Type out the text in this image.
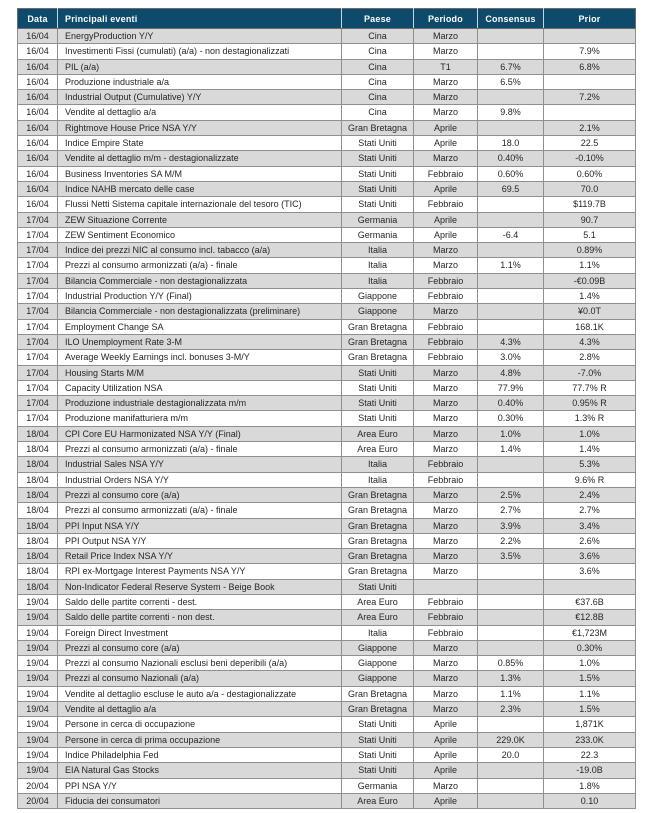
Data	Principali eventi	Paese	Periodo	Consensus	Prior
16/04	EnergyProduction Y/Y	Cina	Marzo		
16/04	Investimenti Fissi (cumulati) (a/a) - non destagionalizzati	Cina	Marzo		7.9%
16/04	PIL (a/a)	Cina	T1	6.7%	6.8%
16/04	Produzione industriale a/a	Cina	Marzo	6.5%	
16/04	Industrial Output (Cumulative) Y/Y	Cina	Marzo		7.2%
16/04	Vendite al dettaglio a/a	Cina	Marzo	9.8%	
16/04	Rightmove House Price NSA Y/Y	Gran Bretagna	Aprile		2.1%
16/04	Indice Empire State	Stati Uniti	Aprile	18.0	22.5
16/04	Vendite al dettaglio m/m - destagionalizzate	Stati Uniti	Marzo	0.40%	-0.10%
16/04	Business Inventories SA M/M	Stati Uniti	Febbraio	0.60%	0.60%
16/04	Indice NAHB mercato delle case	Stati Uniti	Aprile	69.5	70.0
16/04	Flussi Netti Sistema capitale internazionale del tesoro (TIC)	Stati Uniti	Febbraio		$119.7B
17/04	ZEW Situazione Corrente	Germania	Aprile		90.7
17/04	ZEW Sentiment Economico	Germania	Aprile	-6.4	5.1
17/04	Indice dei prezzi NIC al consumo incl. tabacco (a/a)	Italia	Marzo		0.89%
17/04	Prezzi al consumo armonizzati (a/a) - finale	Italia	Marzo	1.1%	1.1%
17/04	Bilancia Commerciale - non destagionalizzata	Italia	Febbraio		-€0.09B
17/04	Industrial Production Y/Y (Final)	Giappone	Febbraio		1.4%
17/04	Bilancia Commerciale - non destagionalizzata (preliminare)	Giappone	Marzo		¥0.0T
17/04	Employment Change SA	Gran Bretagna	Febbraio		168.1K
17/04	ILO Unemployment Rate 3-M	Gran Bretagna	Febbraio	4.3%	4.3%
17/04	Average Weekly Earnings incl. bonuses 3-M/Y	Gran Bretagna	Febbraio	3.0%	2.8%
17/04	Housing Starts M/M	Stati Uniti	Marzo	4.8%	-7.0%
17/04	Capacity Utilization NSA	Stati Uniti	Marzo	77.9%	77.7% R
17/04	Produzione industriale destagionalizzata m/m	Stati Uniti	Marzo	0.40%	0.95% R
17/04	Produzione manifatturiera m/m	Stati Uniti	Marzo	0.30%	1.3% R
18/04	CPI Core EU Harmonizated NSA Y/Y (Final)	Area Euro	Marzo	1.0%	1.0%
18/04	Prezzi al consumo armonizzati (a/a) - finale	Area Euro	Marzo	1.4%	1.4%
18/04	Industrial Sales NSA Y/Y	Italia	Febbraio		5.3%
18/04	Industrial Orders NSA Y/Y	Italia	Febbraio		9.6% R
18/04	Prezzi al consumo core (a/a)	Gran Bretagna	Marzo	2.5%	2.4%
18/04	Prezzi al consumo armonizzati (a/a) - finale	Gran Bretagna	Marzo	2.7%	2.7%
18/04	PPI Input NSA Y/Y	Gran Bretagna	Marzo	3.9%	3.4%
18/04	PPI Output NSA Y/Y	Gran Bretagna	Marzo	2.2%	2.6%
18/04	Retail Price Index NSA Y/Y	Gran Bretagna	Marzo	3.5%	3.6%
18/04	RPI ex-Mortgage Interest Payments NSA Y/Y	Gran Bretagna	Marzo		3.6%
18/04	Non-Indicator Federal Reserve System - Beige Book	Stati Uniti			
19/04	Saldo delle partite correnti - dest.	Area Euro	Febbraio		€37.6B
19/04	Saldo delle partite correnti - non dest.	Area Euro	Febbraio		€12.8B
19/04	Foreign Direct Investment	Italia	Febbraio		€1,723M
19/04	Prezzi al consumo core (a/a)	Giappone	Marzo		0.30%
19/04	Prezzi al consumo Nazionali esclusi beni deperibili (a/a)	Giappone	Marzo	0.85%	1.0%
19/04	Prezzi al consumo Nazionali (a/a)	Giappone	Marzo	1.3%	1.5%
19/04	Vendite al dettaglio escluse le auto a/a - destagionalizzate	Gran Bretagna	Marzo	1.1%	1.1%
19/04	Vendite al dettaglio a/a	Gran Bretagna	Marzo	2.3%	1.5%
19/04	Persone in cerca di occupazione	Stati Uniti	Aprile		1,871K
19/04	Persone in cerca di prima occupazione	Stati Uniti	Aprile	229.0K	233.0K
19/04	Indice Philadelphia Fed	Stati Uniti	Aprile	20.0	22.3
19/04	EIA Natural Gas Stocks	Stati Uniti	Aprile		-19.0B
20/04	PPI NSA Y/Y	Germania	Marzo		1.8%
20/04	Fiducia dei consumatori	Area Euro	Aprile		0.10
